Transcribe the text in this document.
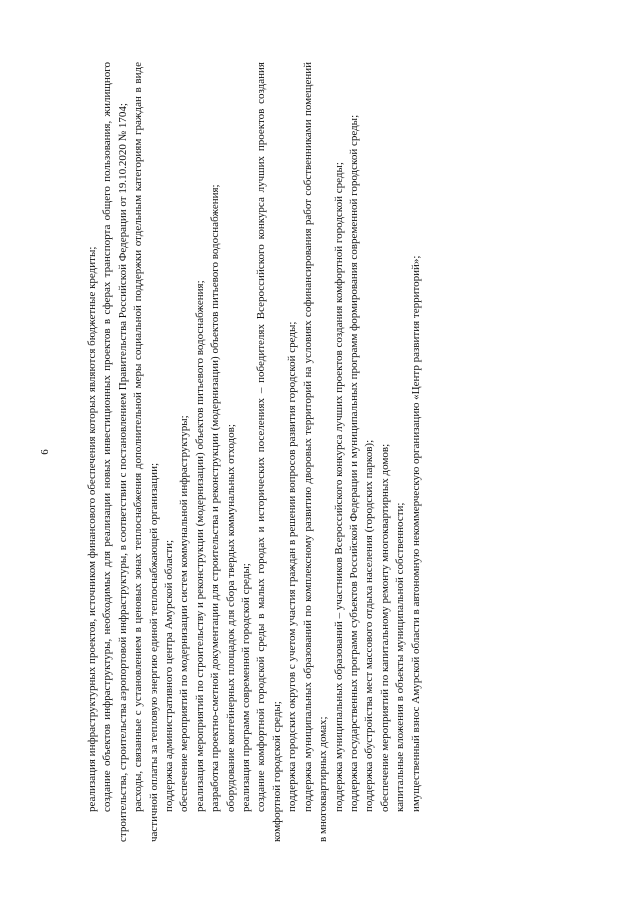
6	реализация инфраструктурных проектов, источником финансового обеспечения которых являются бюджетные кредиты; создание объектов инфраструктуры, необходимых для реализации новых инвестиционных проектов в сферах транспорта общего пользования, жилищного строительства, строительства аэропортовой инфраструктуры, в соответствии с постановлением Правительства Российской Федерации от 19.10.2020 № 1704; расходы, связанные с установлением в ценовых зонах теплоснабжения дополнительной меры социальной поддержки отдельным категориям граждан в виде частичной оплаты за тепловую энергию единой теплоснабжающей организации; поддержка административного центра Амурской области; обеспечение мероприятий по модернизации систем коммунальной инфраструктуры; реализация мероприятий по строительству и реконструкции (модернизации) объектов питьевого водоснабжения; разработка проектно-сметной документации для строительства и реконструкции (модернизации) объектов питьевого водоснабжения; оборудование контейнерных площадок для сбора твердых коммунальных отходов; реализация программ современной городской среды; создание комфортной городской среды в малых городах и исторических поселениях – победителях Всероссийского конкурса лучших проектов создания комфортной городской среды; поддержка городских округов с учетом участия граждан в решении вопросов развития городской среды; поддержка муниципальных образований по комплексному развитию дворовых территорий на условиях софинансирования работ собственниками помещений в многоквартирных домах; поддержка муниципальных образований – участников Всероссийского конкурса лучших проектов создания комфортной городской среды; поддержка государственных программ субъектов Российской Федерации и муниципальных программ формирования современной городской среды; поддержка обустройства мест массового отдыха населения (городских парков); обеспечение мероприятий по капитальному ремонту многоквартирных домов; капитальные вложения в объекты муниципальной собственности; имущественный взнос Амурской области в автономную некоммерческую организацию «Центр развития территорий»;
